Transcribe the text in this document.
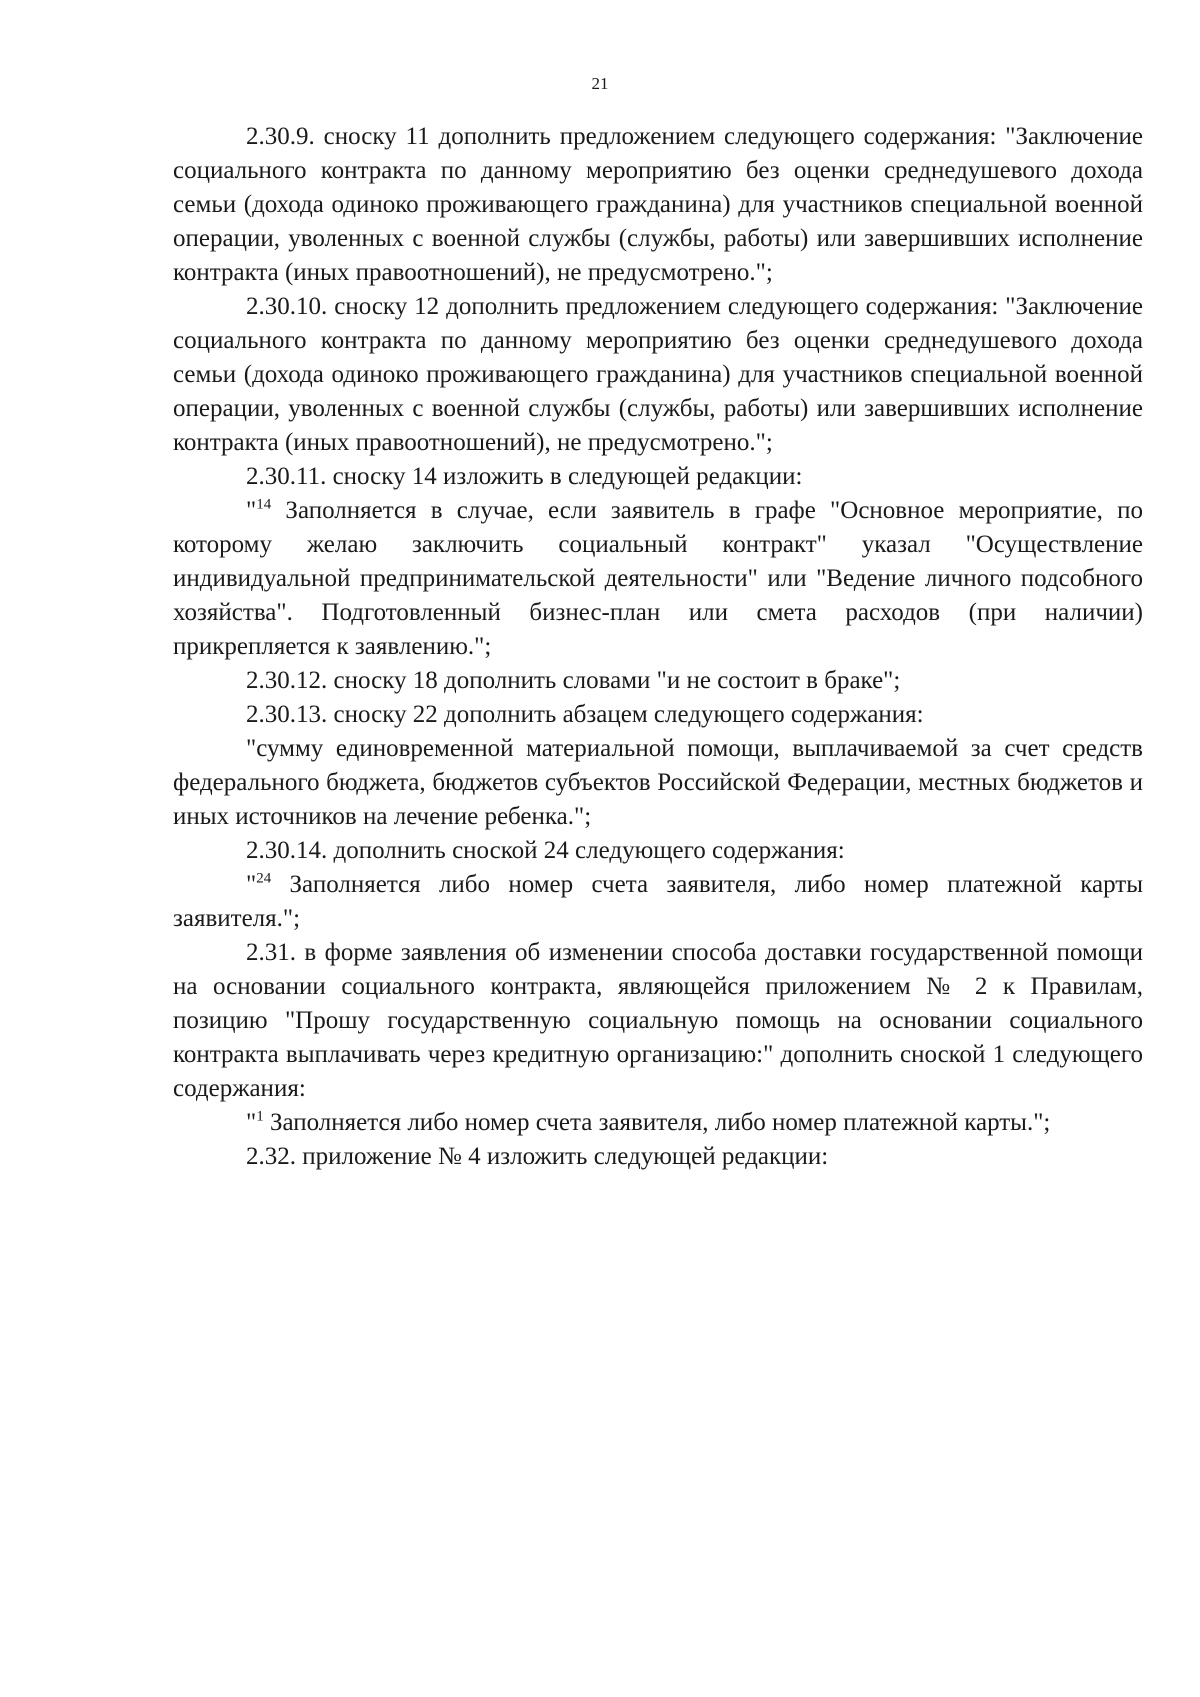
21

2.30.9. сноску 11 дополнить предложением следующего содержания: "Заключение социального контракта по данному мероприятию без оценки среднедушевого дохода семьи (дохода одиноко проживающего гражданина) для участников специальной военной операции, уволенных с военной службы (службы, работы) или завершивших исполнение контракта (иных правоотношений), не предусмотрено.";

2.30.10. сноску 12 дополнить предложением следующего содержания: "Заключение социального контракта по данному мероприятию без оценки среднедушевого дохода семьи (дохода одиноко проживающего гражданина) для участников специальной военной операции, уволенных с военной службы (службы, работы) или завершивших исполнение контракта (иных правоотношений), не предусмотрено.";

2.30.11. сноску 14 изложить в следующей редакции:

"$^{14}$ Заполняется в случае, если заявитель в графе "Основное мероприятие, по которому желаю заключить социальный контракт" указал "Осуществление индивидуальной предпринимательской деятельности" или "Ведение личного подсобного хозяйства". Подготовленный бизнес-план или смета расходов (при наличии) прикрепляется к заявлению.";

2.30.12. сноску 18 дополнить словами "и не состоит в браке";

2.30.13. сноску 22 дополнить абзацем следующего содержания:

"сумму единовременной материальной помощи, выплачиваемой за счет средств федерального бюджета, бюджетов субъектов Российской Федерации, местных бюджетов и иных источников на лечение ребенка.";

2.30.14. дополнить сноской 24 следующего содержания:

"$^{24}$ Заполняется либо номер счета заявителя, либо номер платежной карты заявителя.";

2.31. в форме заявления об изменении способа доставки государственной помощи на основании социального контракта, являющейся приложением № 2 к Правилам, позицию "Прошу государственную социальную помощь на основании социального контракта выплачивать через кредитную организацию:" дополнить сноской 1 следующего содержания:

"$^1$ Заполняется либо номер счета заявителя, либо номер платежной карты.";

2.32. приложение № 4 изложить следующей редакции:
